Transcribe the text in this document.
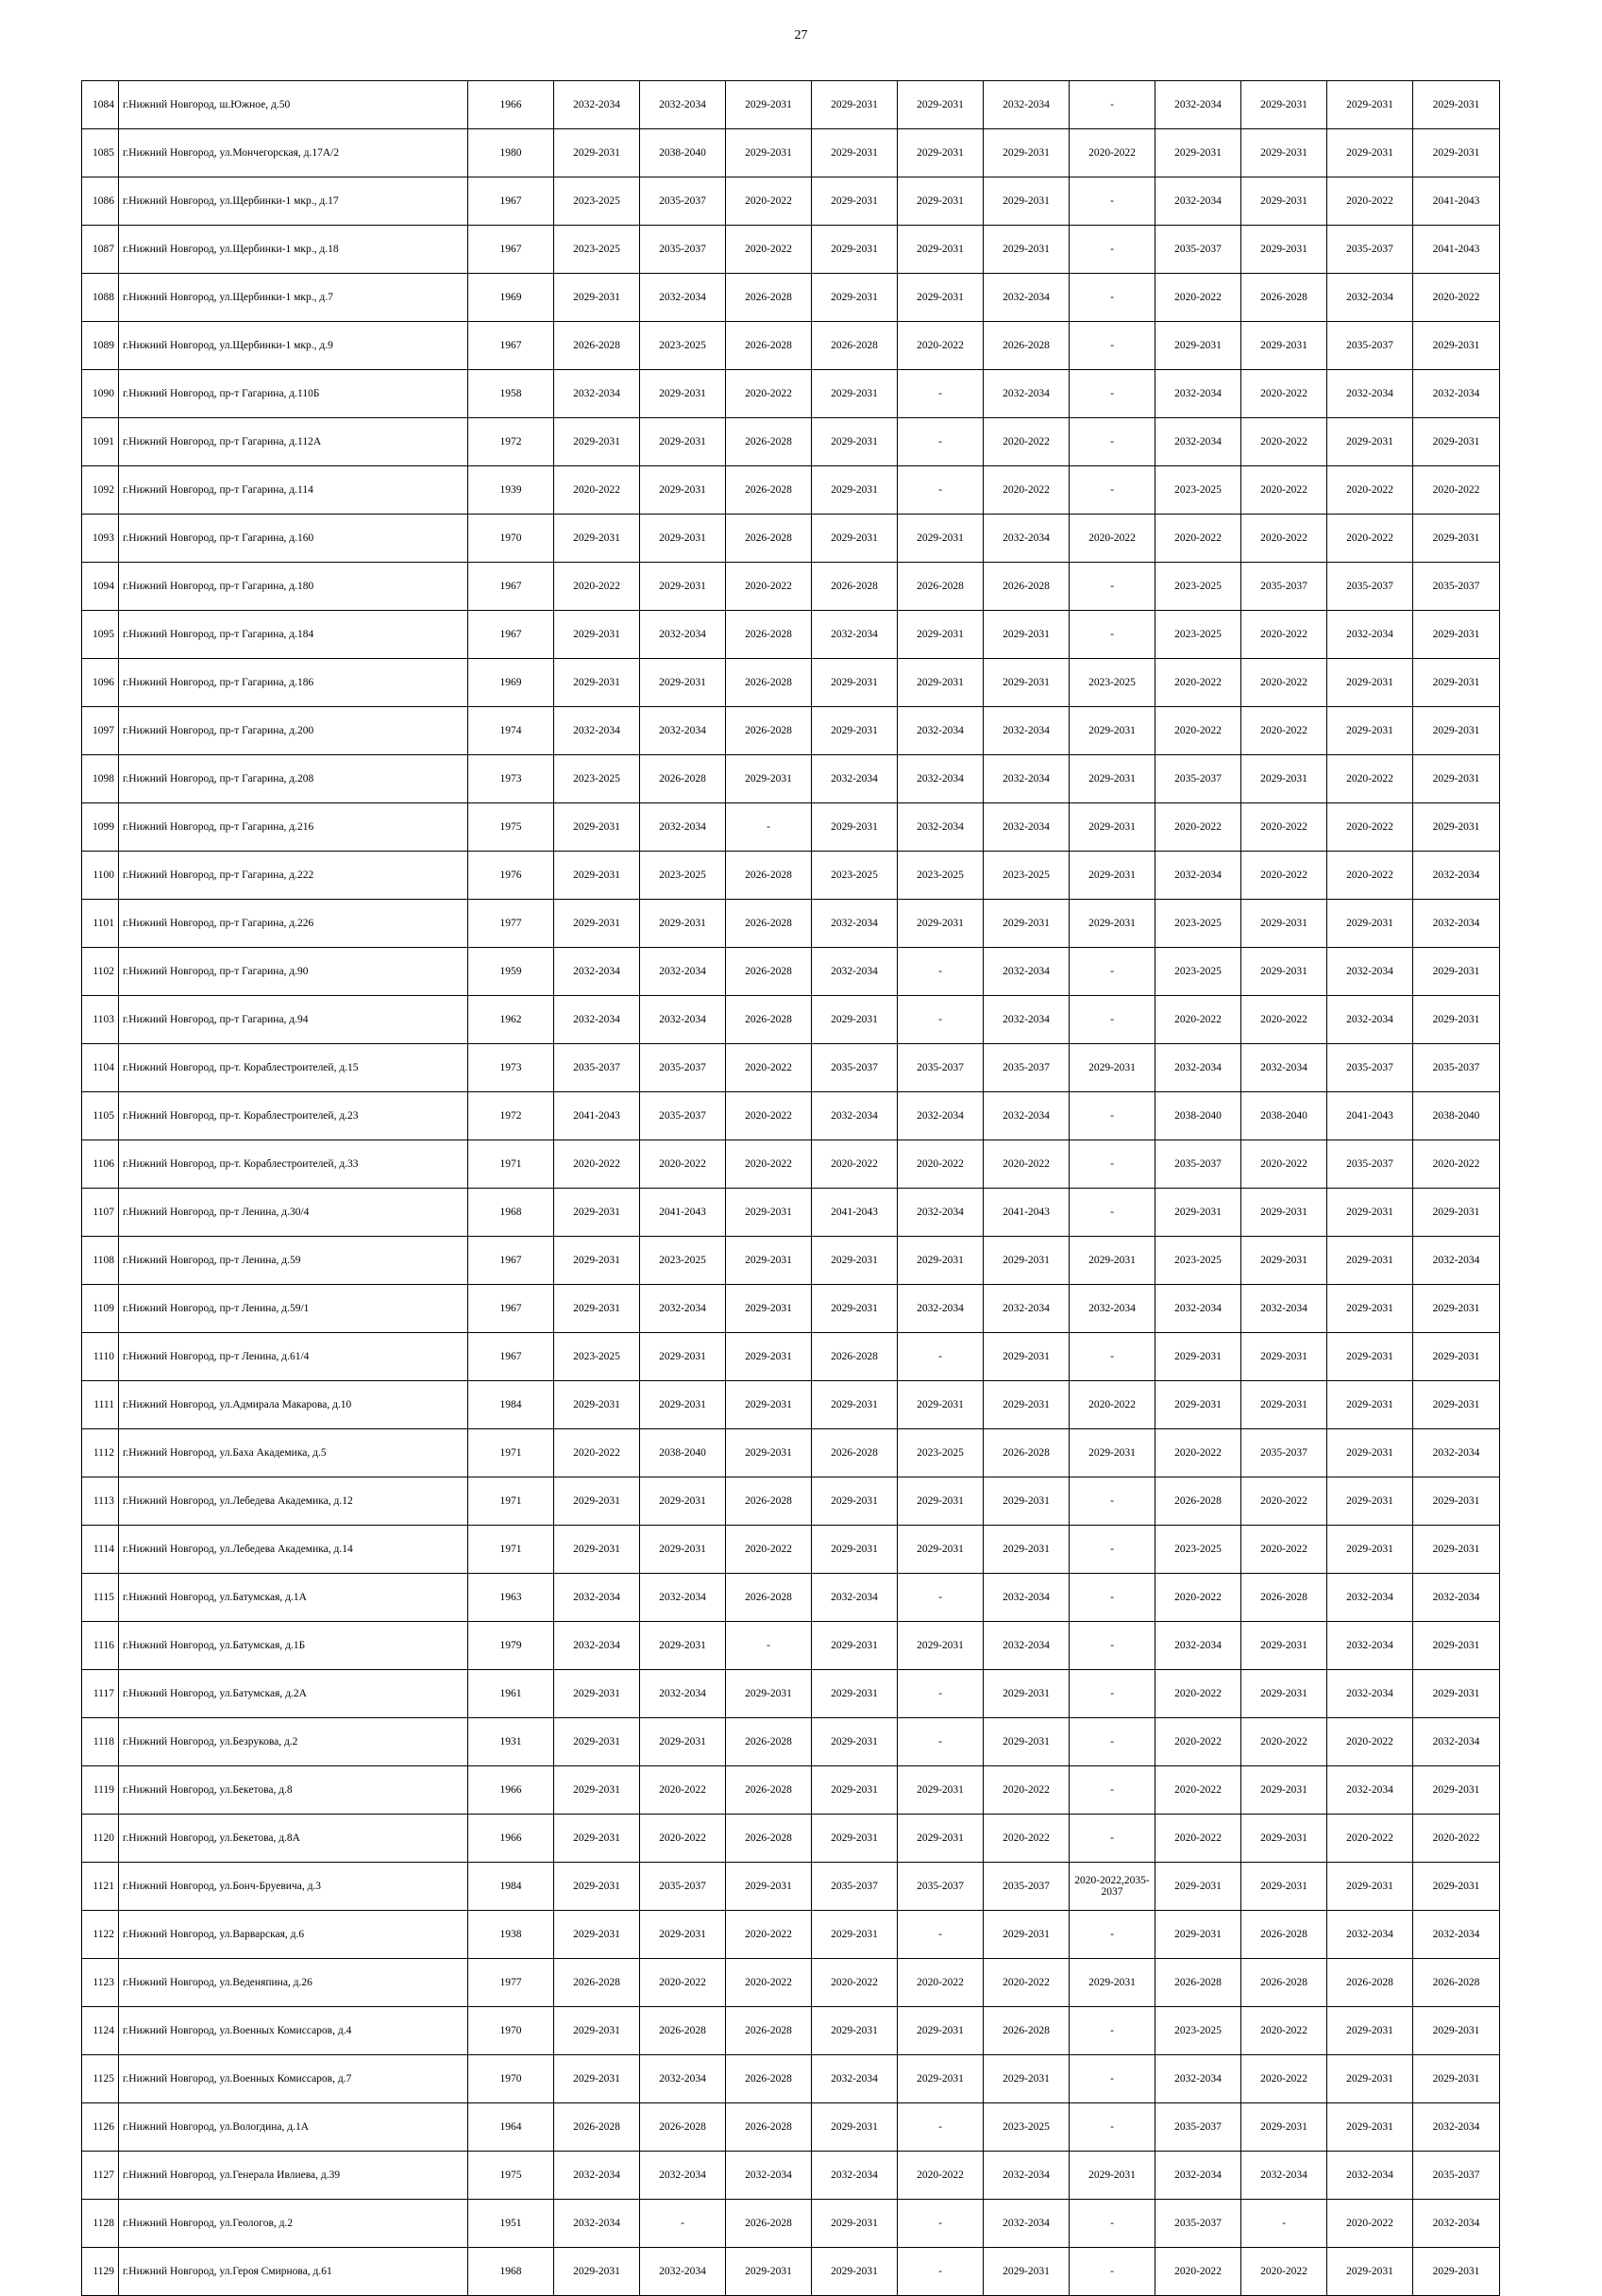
27
1084	г.Нижний Новгород, ш.Южное, д.50	1966	2032-2034	2032-2034	2029-2031	2029-2031	2029-2031	2032-2034	-	2032-2034	2029-2031	2029-2031	2029-2031
1085	г.Нижний Новгород, ул.Мончегорская, д.17А/2	1980	2029-2031	2038-2040	2029-2031	2029-2031	2029-2031	2029-2031	2020-2022	2029-2031	2029-2031	2029-2031	2029-2031
1086	г.Нижний Новгород, ул.Щербинки-1 мкр., д.17	1967	2023-2025	2035-2037	2020-2022	2029-2031	2029-2031	2029-2031	-	2032-2034	2029-2031	2020-2022	2041-2043
1087	г.Нижний Новгород, ул.Щербинки-1 мкр., д.18	1967	2023-2025	2035-2037	2020-2022	2029-2031	2029-2031	2029-2031	-	2035-2037	2029-2031	2035-2037	2041-2043
1088	г.Нижний Новгород, ул.Щербинки-1 мкр., д.7	1969	2029-2031	2032-2034	2026-2028	2029-2031	2029-2031	2032-2034	-	2020-2022	2026-2028	2032-2034	2020-2022
1089	г.Нижний Новгород, ул.Щербинки-1 мкр., д.9	1967	2026-2028	2023-2025	2026-2028	2026-2028	2020-2022	2026-2028	-	2029-2031	2029-2031	2035-2037	2029-2031
1090	г.Нижний Новгород, пр-т Гагарина, д.110Б	1958	2032-2034	2029-2031	2020-2022	2029-2031	-	2032-2034	-	2032-2034	2020-2022	2032-2034	2032-2034
1091	г.Нижний Новгород, пр-т Гагарина, д.112А	1972	2029-2031	2029-2031	2026-2028	2029-2031	-	2020-2022	-	2032-2034	2020-2022	2029-2031	2029-2031
1092	г.Нижний Новгород, пр-т Гагарина, д.114	1939	2020-2022	2029-2031	2026-2028	2029-2031	-	2020-2022	-	2023-2025	2020-2022	2020-2022	2020-2022
1093	г.Нижний Новгород, пр-т Гагарина, д.160	1970	2029-2031	2029-2031	2026-2028	2029-2031	2029-2031	2032-2034	2020-2022	2020-2022	2020-2022	2020-2022	2029-2031
1094	г.Нижний Новгород, пр-т Гагарина, д.180	1967	2020-2022	2029-2031	2020-2022	2026-2028	2026-2028	2026-2028	-	2023-2025	2035-2037	2035-2037	2035-2037
1095	г.Нижний Новгород, пр-т Гагарина, д.184	1967	2029-2031	2032-2034	2026-2028	2032-2034	2029-2031	2029-2031	-	2023-2025	2020-2022	2032-2034	2029-2031
1096	г.Нижний Новгород, пр-т Гагарина, д.186	1969	2029-2031	2029-2031	2026-2028	2029-2031	2029-2031	2029-2031	2023-2025	2020-2022	2020-2022	2029-2031	2029-2031
1097	г.Нижний Новгород, пр-т Гагарина, д.200	1974	2032-2034	2032-2034	2026-2028	2029-2031	2032-2034	2032-2034	2029-2031	2020-2022	2020-2022	2029-2031	2029-2031
1098	г.Нижний Новгород, пр-т Гагарина, д.208	1973	2023-2025	2026-2028	2029-2031	2032-2034	2032-2034	2032-2034	2029-2031	2035-2037	2029-2031	2020-2022	2029-2031
1099	г.Нижний Новгород, пр-т Гагарина, д.216	1975	2029-2031	2032-2034	-	2029-2031	2032-2034	2032-2034	2029-2031	2020-2022	2020-2022	2020-2022	2029-2031
1100	г.Нижний Новгород, пр-т Гагарина, д.222	1976	2029-2031	2023-2025	2026-2028	2023-2025	2023-2025	2023-2025	2029-2031	2032-2034	2020-2022	2020-2022	2032-2034
1101	г.Нижний Новгород, пр-т Гагарина, д.226	1977	2029-2031	2029-2031	2026-2028	2032-2034	2029-2031	2029-2031	2029-2031	2023-2025	2029-2031	2029-2031	2032-2034
1102	г.Нижний Новгород, пр-т Гагарина, д.90	1959	2032-2034	2032-2034	2026-2028	2032-2034	-	2032-2034	-	2023-2025	2029-2031	2032-2034	2029-2031
1103	г.Нижний Новгород, пр-т Гагарина, д.94	1962	2032-2034	2032-2034	2026-2028	2029-2031	-	2032-2034	-	2020-2022	2020-2022	2032-2034	2029-2031
1104	г.Нижний Новгород, пр-т. Кораблестроителей, д.15	1973	2035-2037	2035-2037	2020-2022	2035-2037	2035-2037	2035-2037	2029-2031	2032-2034	2032-2034	2035-2037	2035-2037
1105	г.Нижний Новгород, пр-т. Кораблестроителей, д.23	1972	2041-2043	2035-2037	2020-2022	2032-2034	2032-2034	2032-2034	-	2038-2040	2038-2040	2041-2043	2038-2040
1106	г.Нижний Новгород, пр-т. Кораблестроителей, д.33	1971	2020-2022	2020-2022	2020-2022	2020-2022	2020-2022	2020-2022	-	2035-2037	2020-2022	2035-2037	2020-2022
1107	г.Нижний Новгород, пр-т Ленина, д.30/4	1968	2029-2031	2041-2043	2029-2031	2041-2043	2032-2034	2041-2043	-	2029-2031	2029-2031	2029-2031	2029-2031
1108	г.Нижний Новгород, пр-т Ленина, д.59	1967	2029-2031	2023-2025	2029-2031	2029-2031	2029-2031	2029-2031	2029-2031	2023-2025	2029-2031	2029-2031	2032-2034
1109	г.Нижний Новгород, пр-т Ленина, д.59/1	1967	2029-2031	2032-2034	2029-2031	2029-2031	2032-2034	2032-2034	2032-2034	2032-2034	2032-2034	2029-2031	2029-2031
1110	г.Нижний Новгород, пр-т Ленина, д.61/4	1967	2023-2025	2029-2031	2029-2031	2026-2028	-	2029-2031	-	2029-2031	2029-2031	2029-2031	2029-2031
1111	г.Нижний Новгород, ул.Адмирала Макарова, д.10	1984	2029-2031	2029-2031	2029-2031	2029-2031	2029-2031	2029-2031	2020-2022	2029-2031	2029-2031	2029-2031	2029-2031
1112	г.Нижний Новгород, ул.Баха Академика, д.5	1971	2020-2022	2038-2040	2029-2031	2026-2028	2023-2025	2026-2028	2029-2031	2020-2022	2035-2037	2029-2031	2032-2034
1113	г.Нижний Новгород, ул.Лебедева Академика, д.12	1971	2029-2031	2029-2031	2026-2028	2029-2031	2029-2031	2029-2031	-	2026-2028	2020-2022	2029-2031	2029-2031
1114	г.Нижний Новгород, ул.Лебедева Академика, д.14	1971	2029-2031	2029-2031	2020-2022	2029-2031	2029-2031	2029-2031	-	2023-2025	2020-2022	2029-2031	2029-2031
1115	г.Нижний Новгород, ул.Батумская, д.1А	1963	2032-2034	2032-2034	2026-2028	2032-2034	-	2032-2034	-	2020-2022	2026-2028	2032-2034	2032-2034
1116	г.Нижний Новгород, ул.Батумская, д.1Б	1979	2032-2034	2029-2031	-	2029-2031	2029-2031	2032-2034	-	2032-2034	2029-2031	2032-2034	2029-2031
1117	г.Нижний Новгород, ул.Батумская, д.2А	1961	2029-2031	2032-2034	2029-2031	2029-2031	-	2029-2031	-	2020-2022	2029-2031	2032-2034	2029-2031
1118	г.Нижний Новгород, ул.Безрукова, д.2	1931	2029-2031	2029-2031	2026-2028	2029-2031	-	2029-2031	-	2020-2022	2020-2022	2020-2022	2032-2034
1119	г.Нижний Новгород, ул.Бекетова, д.8	1966	2029-2031	2020-2022	2026-2028	2029-2031	2029-2031	2020-2022	-	2020-2022	2029-2031	2032-2034	2029-2031
1120	г.Нижний Новгород, ул.Бекетова, д.8А	1966	2029-2031	2020-2022	2026-2028	2029-2031	2029-2031	2020-2022	-	2020-2022	2029-2031	2020-2022	2020-2022
1121	г.Нижний Новгород, ул.Бонч-Бруевича, д.3	1984	2029-2031	2035-2037	2029-2031	2035-2037	2035-2037	2035-2037	2020-2022,2035-2037	2029-2031	2029-2031	2029-2031	2029-2031
1122	г.Нижний Новгород, ул.Варварская, д.6	1938	2029-2031	2029-2031	2020-2022	2029-2031	-	2029-2031	-	2029-2031	2026-2028	2032-2034	2032-2034
1123	г.Нижний Новгород, ул.Веденяпина, д.26	1977	2026-2028	2020-2022	2020-2022	2020-2022	2020-2022	2020-2022	2029-2031	2026-2028	2026-2028	2026-2028	2026-2028
1124	г.Нижний Новгород, ул.Военных Комиссаров, д.4	1970	2029-2031	2026-2028	2026-2028	2029-2031	2029-2031	2026-2028	-	2023-2025	2020-2022	2029-2031	2029-2031
1125	г.Нижний Новгород, ул.Военных Комиссаров, д.7	1970	2029-2031	2032-2034	2026-2028	2032-2034	2029-2031	2029-2031	-	2032-2034	2020-2022	2029-2031	2029-2031
1126	г.Нижний Новгород, ул.Вологдина, д.1А	1964	2026-2028	2026-2028	2026-2028	2029-2031	-	2023-2025	-	2035-2037	2029-2031	2029-2031	2032-2034
1127	г.Нижний Новгород, ул.Генерала Ивлиева, д.39	1975	2032-2034	2032-2034	2032-2034	2032-2034	2020-2022	2032-2034	2029-2031	2032-2034	2032-2034	2032-2034	2035-2037
1128	г.Нижний Новгород, ул.Геологов, д.2	1951	2032-2034	-	2026-2028	2029-2031	-	2032-2034	-	2035-2037	-	2020-2022	2032-2034
1129	г.Нижний Новгород, ул.Героя Смирнова, д.61	1968	2029-2031	2032-2034	2029-2031	2029-2031	-	2029-2031	-	2020-2022	2020-2022	2029-2031	2029-2031
